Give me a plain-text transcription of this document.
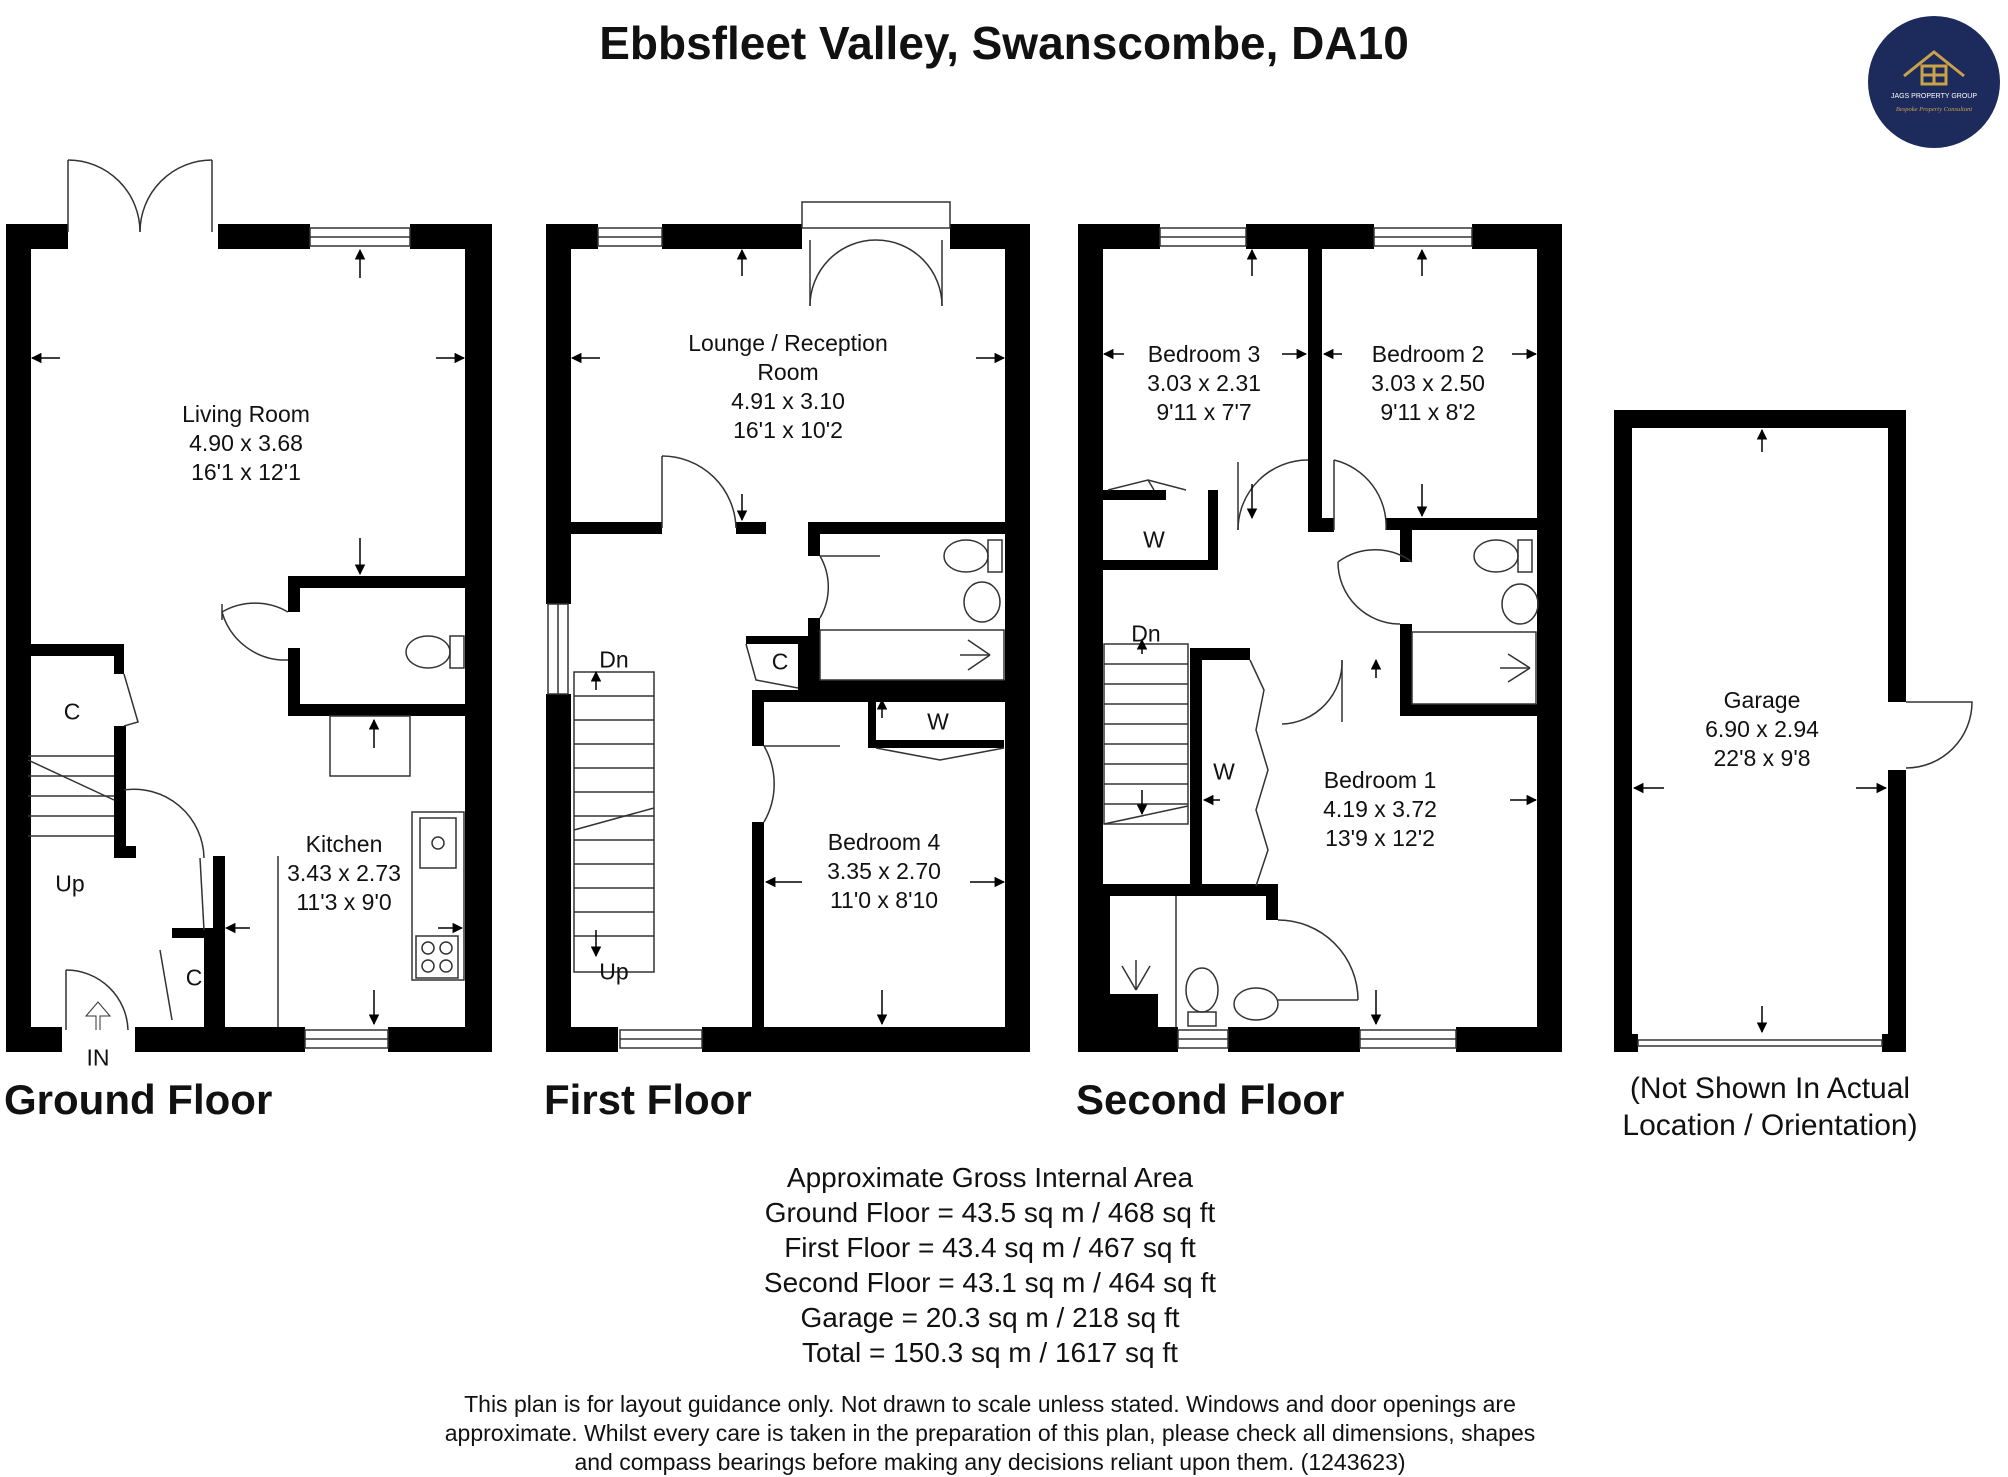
JAGS PROPERTY GROUP
Bespoke Property Consultant
Ebbsfleet Valley, Swanscombe, DA10
Living Room
4.90 x 3.68
16'1 x 12'1
Kitchen
3.43 x 2.73
11'3 x 9'0
Lounge / Reception Room
4.91 x 3.10
16'1 x 10'2
Bedroom 4
3.35 x 2.70
11'0 x 8'10
Bedroom 3
3.03 x 2.31
9'11 x 7'7
Bedroom 2
3.03 x 2.50
9'11 x 8'2
Bedroom 1
4.19 x 3.72
13'9 x 12'2
Garage
6.90 x 2.94
22'8 x 9'8
C
Up
C
IN
Dn
Up
C
W
W
Dn
W
Ground Floor	First Floor	Second Floor	(Not Shown In Actual Location / Orientation)
Approximate Gross Internal Area
Ground Floor = 43.5 sq m / 468 sq ft
First Floor = 43.4 sq m / 467 sq ft
Second Floor = 43.1 sq m / 464 sq ft
Garage = 20.3 sq m / 218 sq ft
Total = 150.3 sq m / 1617 sq ft
This plan is for layout guidance only. Not drawn to scale unless stated. Windows and door openings are approximate. Whilst every care is taken in the preparation of this plan, please check all dimensions, shapes and compass bearings before making any decisions reliant upon them. (1243623)
